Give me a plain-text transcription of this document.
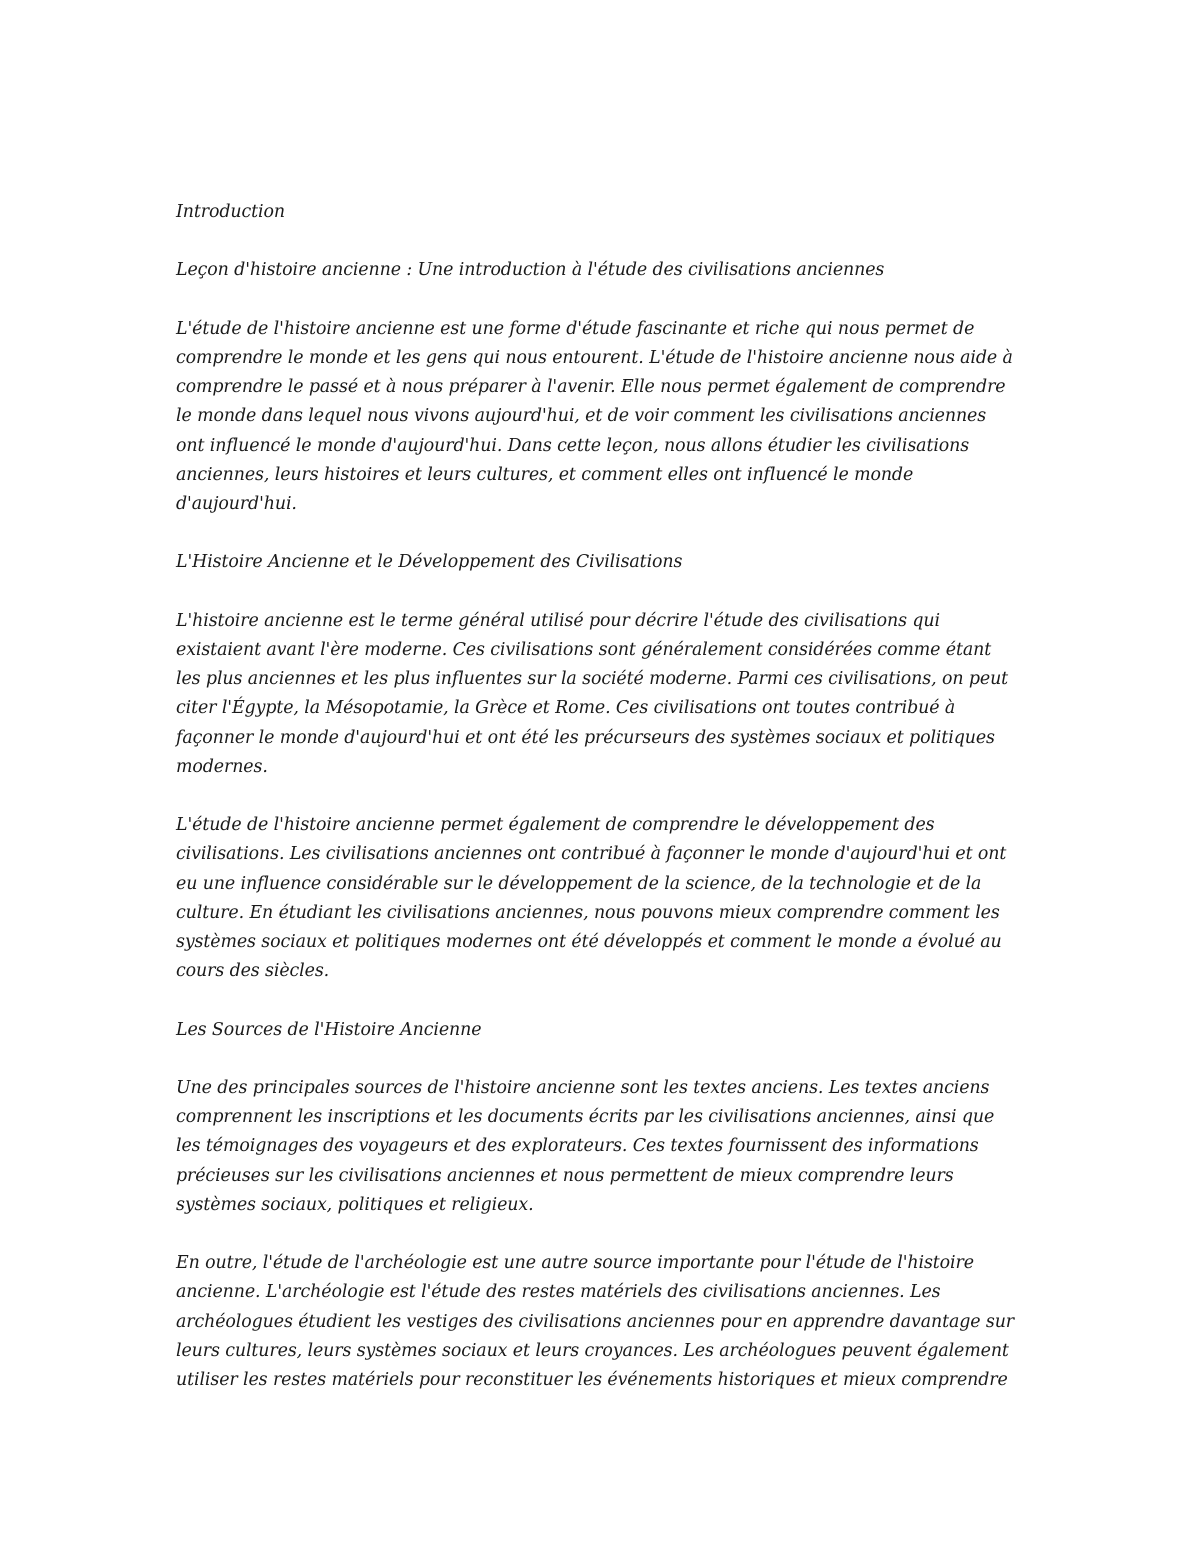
Introduction

Leçon d'histoire ancienne : Une introduction à l'étude des civilisations anciennes

L'étude de l'histoire ancienne est une forme d'étude fascinante et riche qui nous permet de
comprendre le monde et les gens qui nous entourent. L'étude de l'histoire ancienne nous aide à
comprendre le passé et à nous préparer à l'avenir. Elle nous permet également de comprendre
le monde dans lequel nous vivons aujourd'hui, et de voir comment les civilisations anciennes
ont influencé le monde d'aujourd'hui. Dans cette leçon, nous allons étudier les civilisations
anciennes, leurs histoires et leurs cultures, et comment elles ont influencé le monde
d'aujourd'hui.

L'Histoire Ancienne et le Développement des Civilisations

L'histoire ancienne est le terme général utilisé pour décrire l'étude des civilisations qui
existaient avant l'ère moderne. Ces civilisations sont généralement considérées comme étant
les plus anciennes et les plus influentes sur la société moderne. Parmi ces civilisations, on peut
citer l'Égypte, la Mésopotamie, la Grèce et Rome. Ces civilisations ont toutes contribué à
façonner le monde d'aujourd'hui et ont été les précurseurs des systèmes sociaux et politiques
modernes.

L'étude de l'histoire ancienne permet également de comprendre le développement des
civilisations. Les civilisations anciennes ont contribué à façonner le monde d'aujourd'hui et ont
eu une influence considérable sur le développement de la science, de la technologie et de la
culture. En étudiant les civilisations anciennes, nous pouvons mieux comprendre comment les
systèmes sociaux et politiques modernes ont été développés et comment le monde a évolué au
cours des siècles.

Les Sources de l'Histoire Ancienne

Une des principales sources de l'histoire ancienne sont les textes anciens. Les textes anciens
comprennent les inscriptions et les documents écrits par les civilisations anciennes, ainsi que
les témoignages des voyageurs et des explorateurs. Ces textes fournissent des informations
précieuses sur les civilisations anciennes et nous permettent de mieux comprendre leurs
systèmes sociaux, politiques et religieux.

En outre, l'étude de l'archéologie est une autre source importante pour l'étude de l'histoire
ancienne. L'archéologie est l'étude des restes matériels des civilisations anciennes. Les
archéologues étudient les vestiges des civilisations anciennes pour en apprendre davantage sur
leurs cultures, leurs systèmes sociaux et leurs croyances. Les archéologues peuvent également
utiliser les restes matériels pour reconstituer les événements historiques et mieux comprendre
